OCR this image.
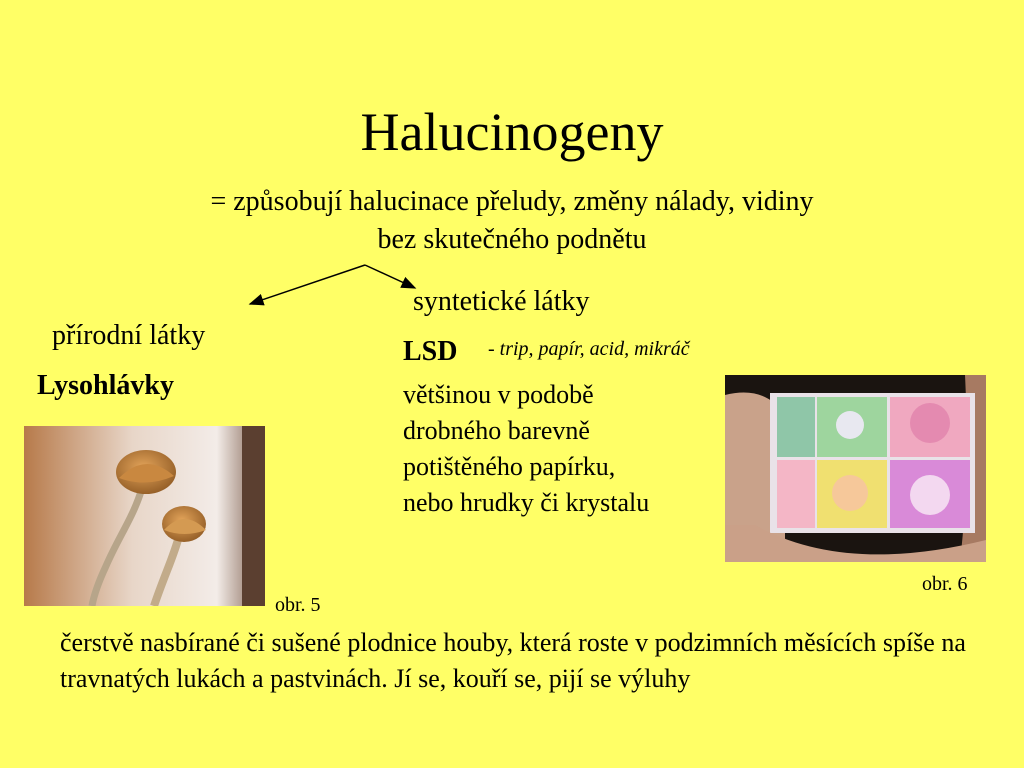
Halucinogeny
= způsobují halucinace přeludy, změny nálady, vidiny
bez skutečného podnětu
přírodní látky
Lysohlávky
obr. 5
syntetické látky
LSD - trip, papír, acid, mikráč
většinou v podobě
drobného barevně
potištěného papírku,
nebo hrudky či krystalu
obr. 6
čerstvě nasbírané či sušené plodnice houby, která roste v podzimních měsících spíše na travnatých lukách a pastvinách. Jí se, kouří se, pijí se výluhy
